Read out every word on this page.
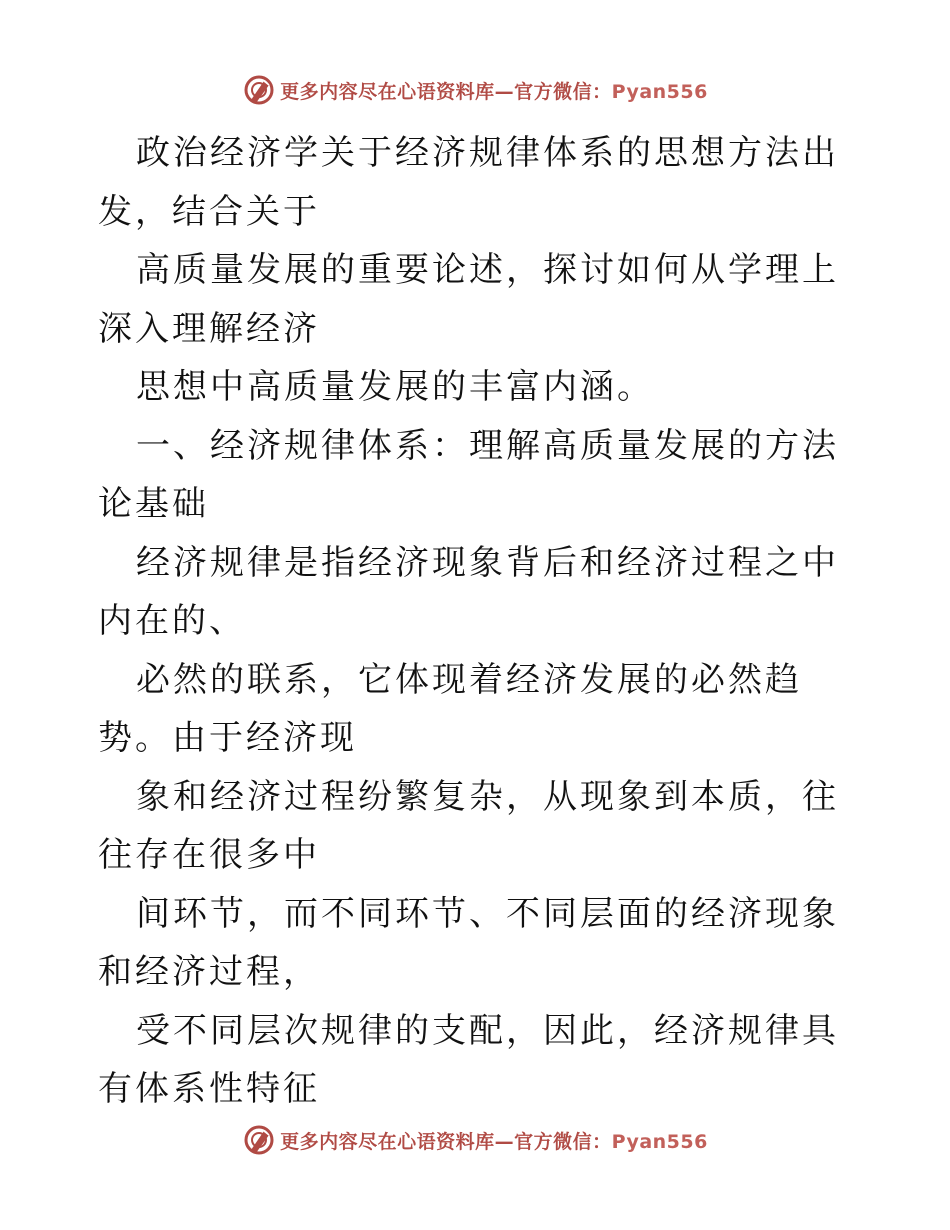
更多内容尽在心语资料库—官方微信：Pyan556

政治经济学关于经济规律体系的思想方法出发，结合关于

高质量发展的重要论述，探讨如何从学理上深入理解经济

思想中高质量发展的丰富内涵。

一、经济规律体系：理解高质量发展的方法论基础

经济规律是指经济现象背后和经济过程之中内在的、

必然的联系，它体现着经济发展的必然趋势。由于经济现

象和经济过程纷繁复杂，从现象到本质，往往存在很多中

间环节，而不同环节、不同层面的经济现象和经济过程，

受不同层次规律的支配，因此，经济规律具有体系性特征

更多内容尽在心语资料库—官方微信：Pyan556
